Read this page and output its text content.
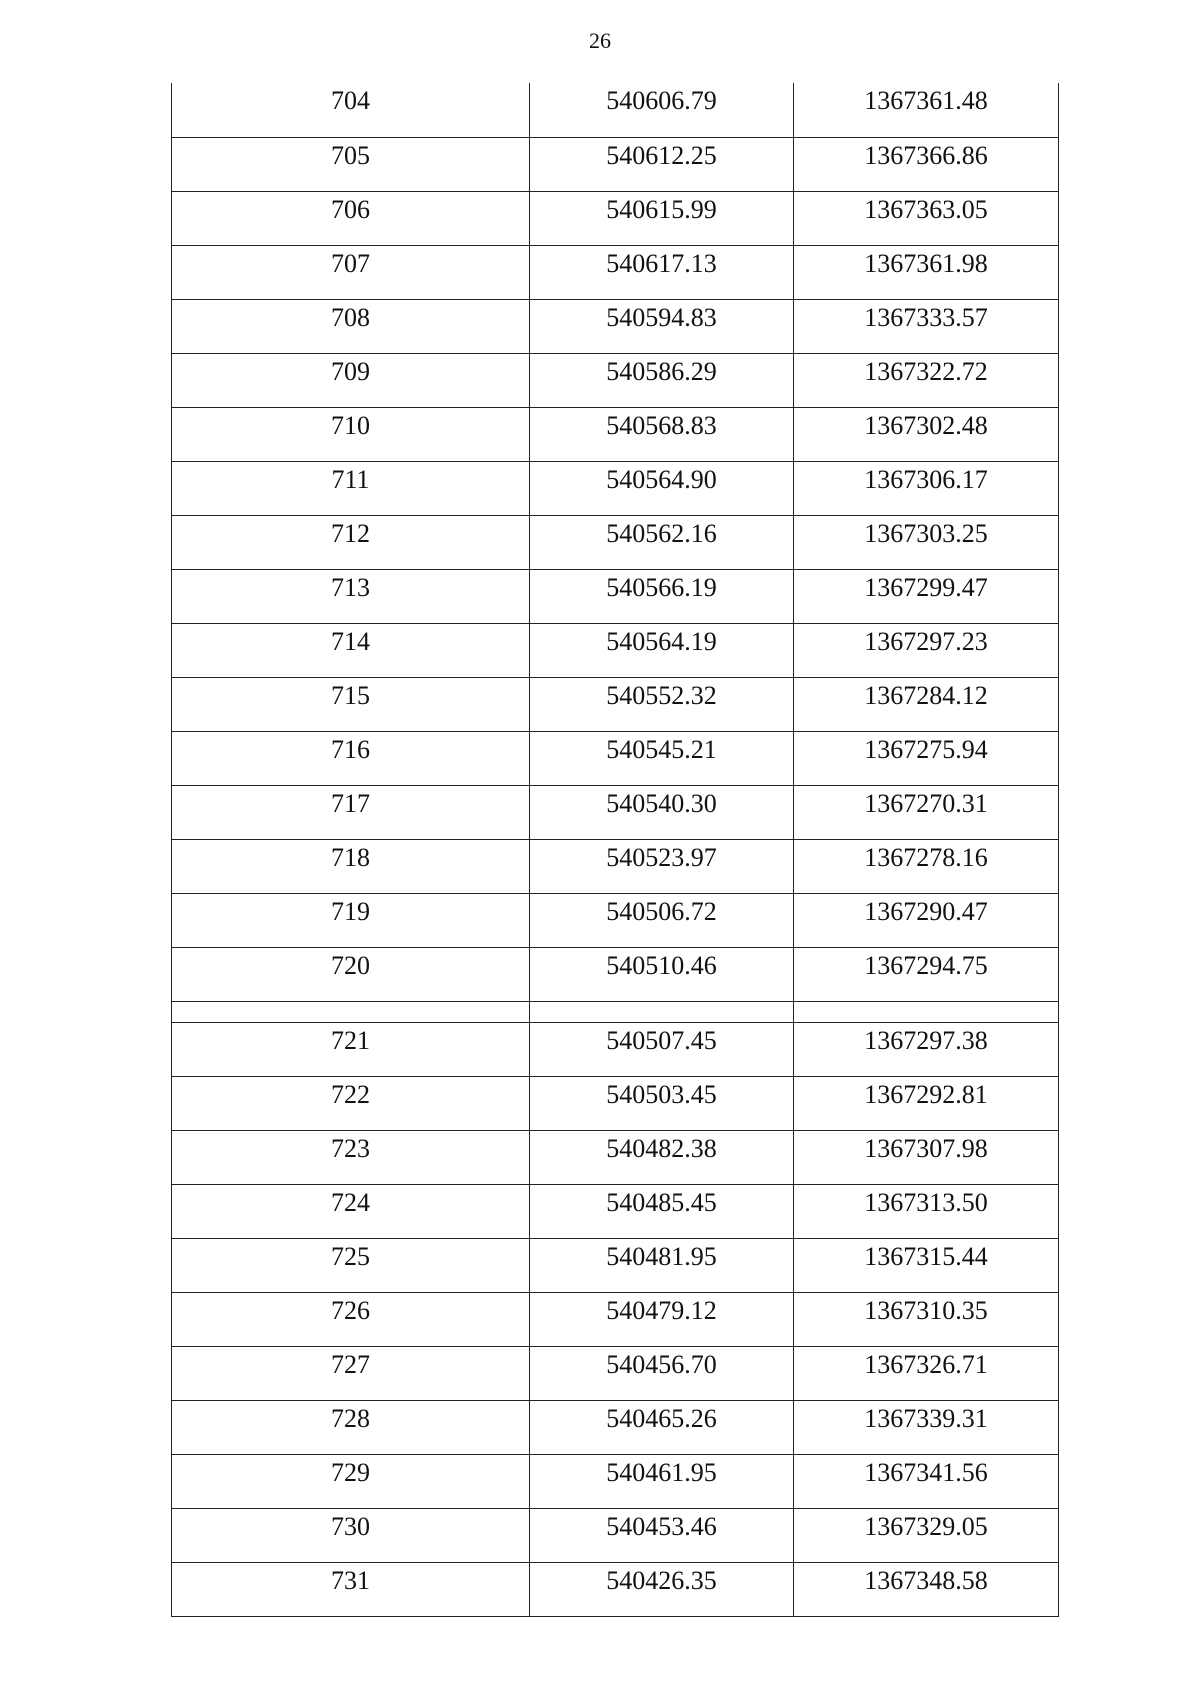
26
704	540606.79	1367361.48
705	540612.25	1367366.86
706	540615.99	1367363.05
707	540617.13	1367361.98
708	540594.83	1367333.57
709	540586.29	1367322.72
710	540568.83	1367302.48
711	540564.90	1367306.17
712	540562.16	1367303.25
713	540566.19	1367299.47
714	540564.19	1367297.23
715	540552.32	1367284.12
716	540545.21	1367275.94
717	540540.30	1367270.31
718	540523.97	1367278.16
719	540506.72	1367290.47
720	540510.46	1367294.75

721	540507.45	1367297.38
722	540503.45	1367292.81
723	540482.38	1367307.98
724	540485.45	1367313.50
725	540481.95	1367315.44
726	540479.12	1367310.35
727	540456.70	1367326.71
728	540465.26	1367339.31
729	540461.95	1367341.56
730	540453.46	1367329.05
731	540426.35	1367348.58
